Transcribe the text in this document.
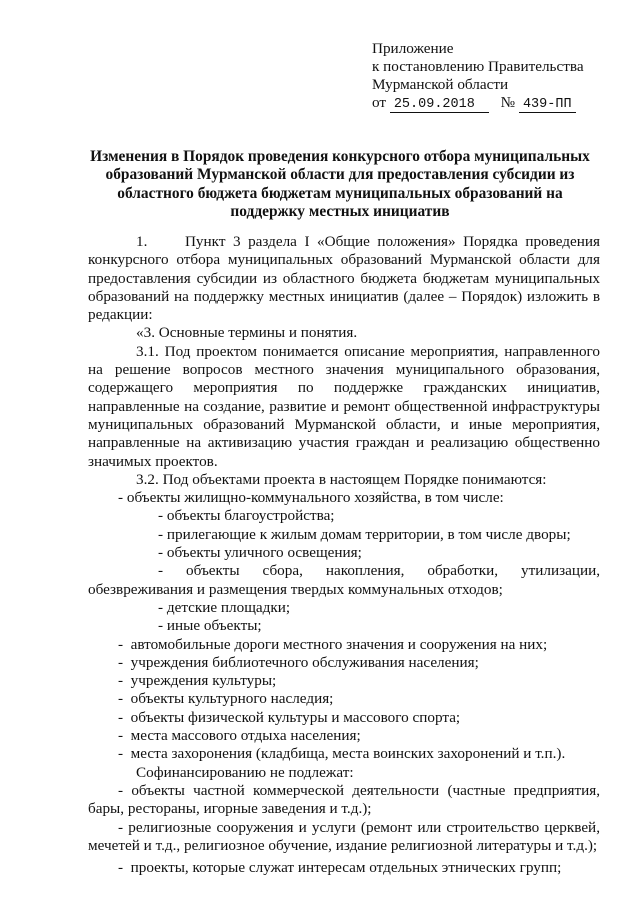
Приложение
к постановлению Правительства
Мурманской области
от 25.09.2018 № 439-ПП
Изменения в Порядок проведения конкурсного отбора муниципальных образований Мурманской области для предоставления субсидии из областного бюджета бюджетам муниципальных образований на поддержку местных инициатив

1.     Пункт 3 раздела I «Общие положения» Порядка проведения конкурсного отбора муниципальных образований Мурманской области для предоставления субсидии из областного бюджета бюджетам муниципальных образований на поддержку местных инициатив (далее – Порядок) изложить в редакции:

«3. Основные термины и понятия.

3.1. Под проектом понимается описание мероприятия, направленного на решение вопросов местного значения муниципального образования, содержащего мероприятия по поддержке гражданских инициатив, направленные на создание, развитие и ремонт общественной инфраструктуры муниципальных образований Мурманской области, и иные мероприятия, направленные на активизацию участия граждан и реализацию общественно значимых проектов.

3.2. Под объектами проекта в настоящем Порядке понимаются:

- объекты жилищно-коммунального хозяйства, в том числе:

- объекты благоустройства;

- прилегающие к жилым домам территории, в том числе дворы;

- объекты уличного освещения;

- объекты сбора, накопления, обработки, утилизации, обезвреживания и размещения твердых коммунальных отходов;

- детские площадки;

- иные объекты;

-  автомобильные дороги местного значения и сооружения на них;

-  учреждения библиотечного обслуживания населения;

-  учреждения культуры;

-  объекты культурного наследия;

-  объекты физической культуры и массового спорта;

-  места массового отдыха населения;

-  места захоронения (кладбища, места воинских захоронений и т.п.).

Софинансированию не подлежат:

- объекты частной коммерческой деятельности (частные предприятия, бары, рестораны, игорные заведения и т.д.);

- религиозные сооружения и услуги (ремонт или строительство церквей, мечетей и т.д., религиозное обучение, издание религиозной литературы и т.д.);

-  проекты, которые служат интересам отдельных этнических групп;
